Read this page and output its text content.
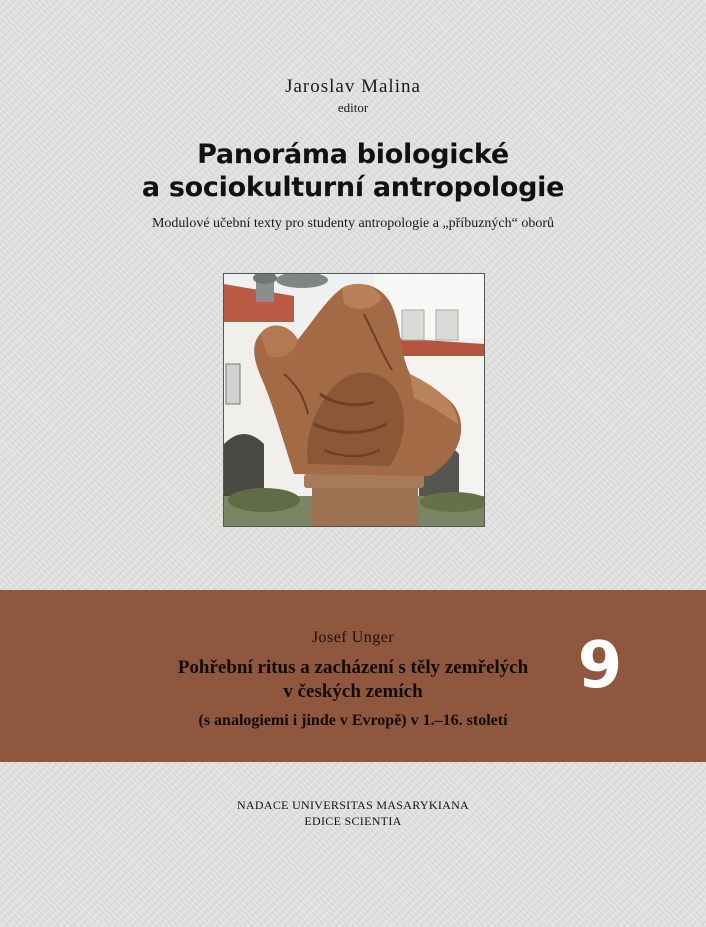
Jaroslav Malina
editor
Panoráma biologické
a sociokulturní antropologie
Modulové učební texty pro studenty antropologie a „příbuzných“ oborů
Josef Unger
Pohřební ritus a zacházení s těly zemřelých
v českých zemích
(s analogiemi i jinde v Evropě) v 1.–16. století
9
NADACE UNIVERSITAS MASARYKIANA
EDICE SCIENTIA
